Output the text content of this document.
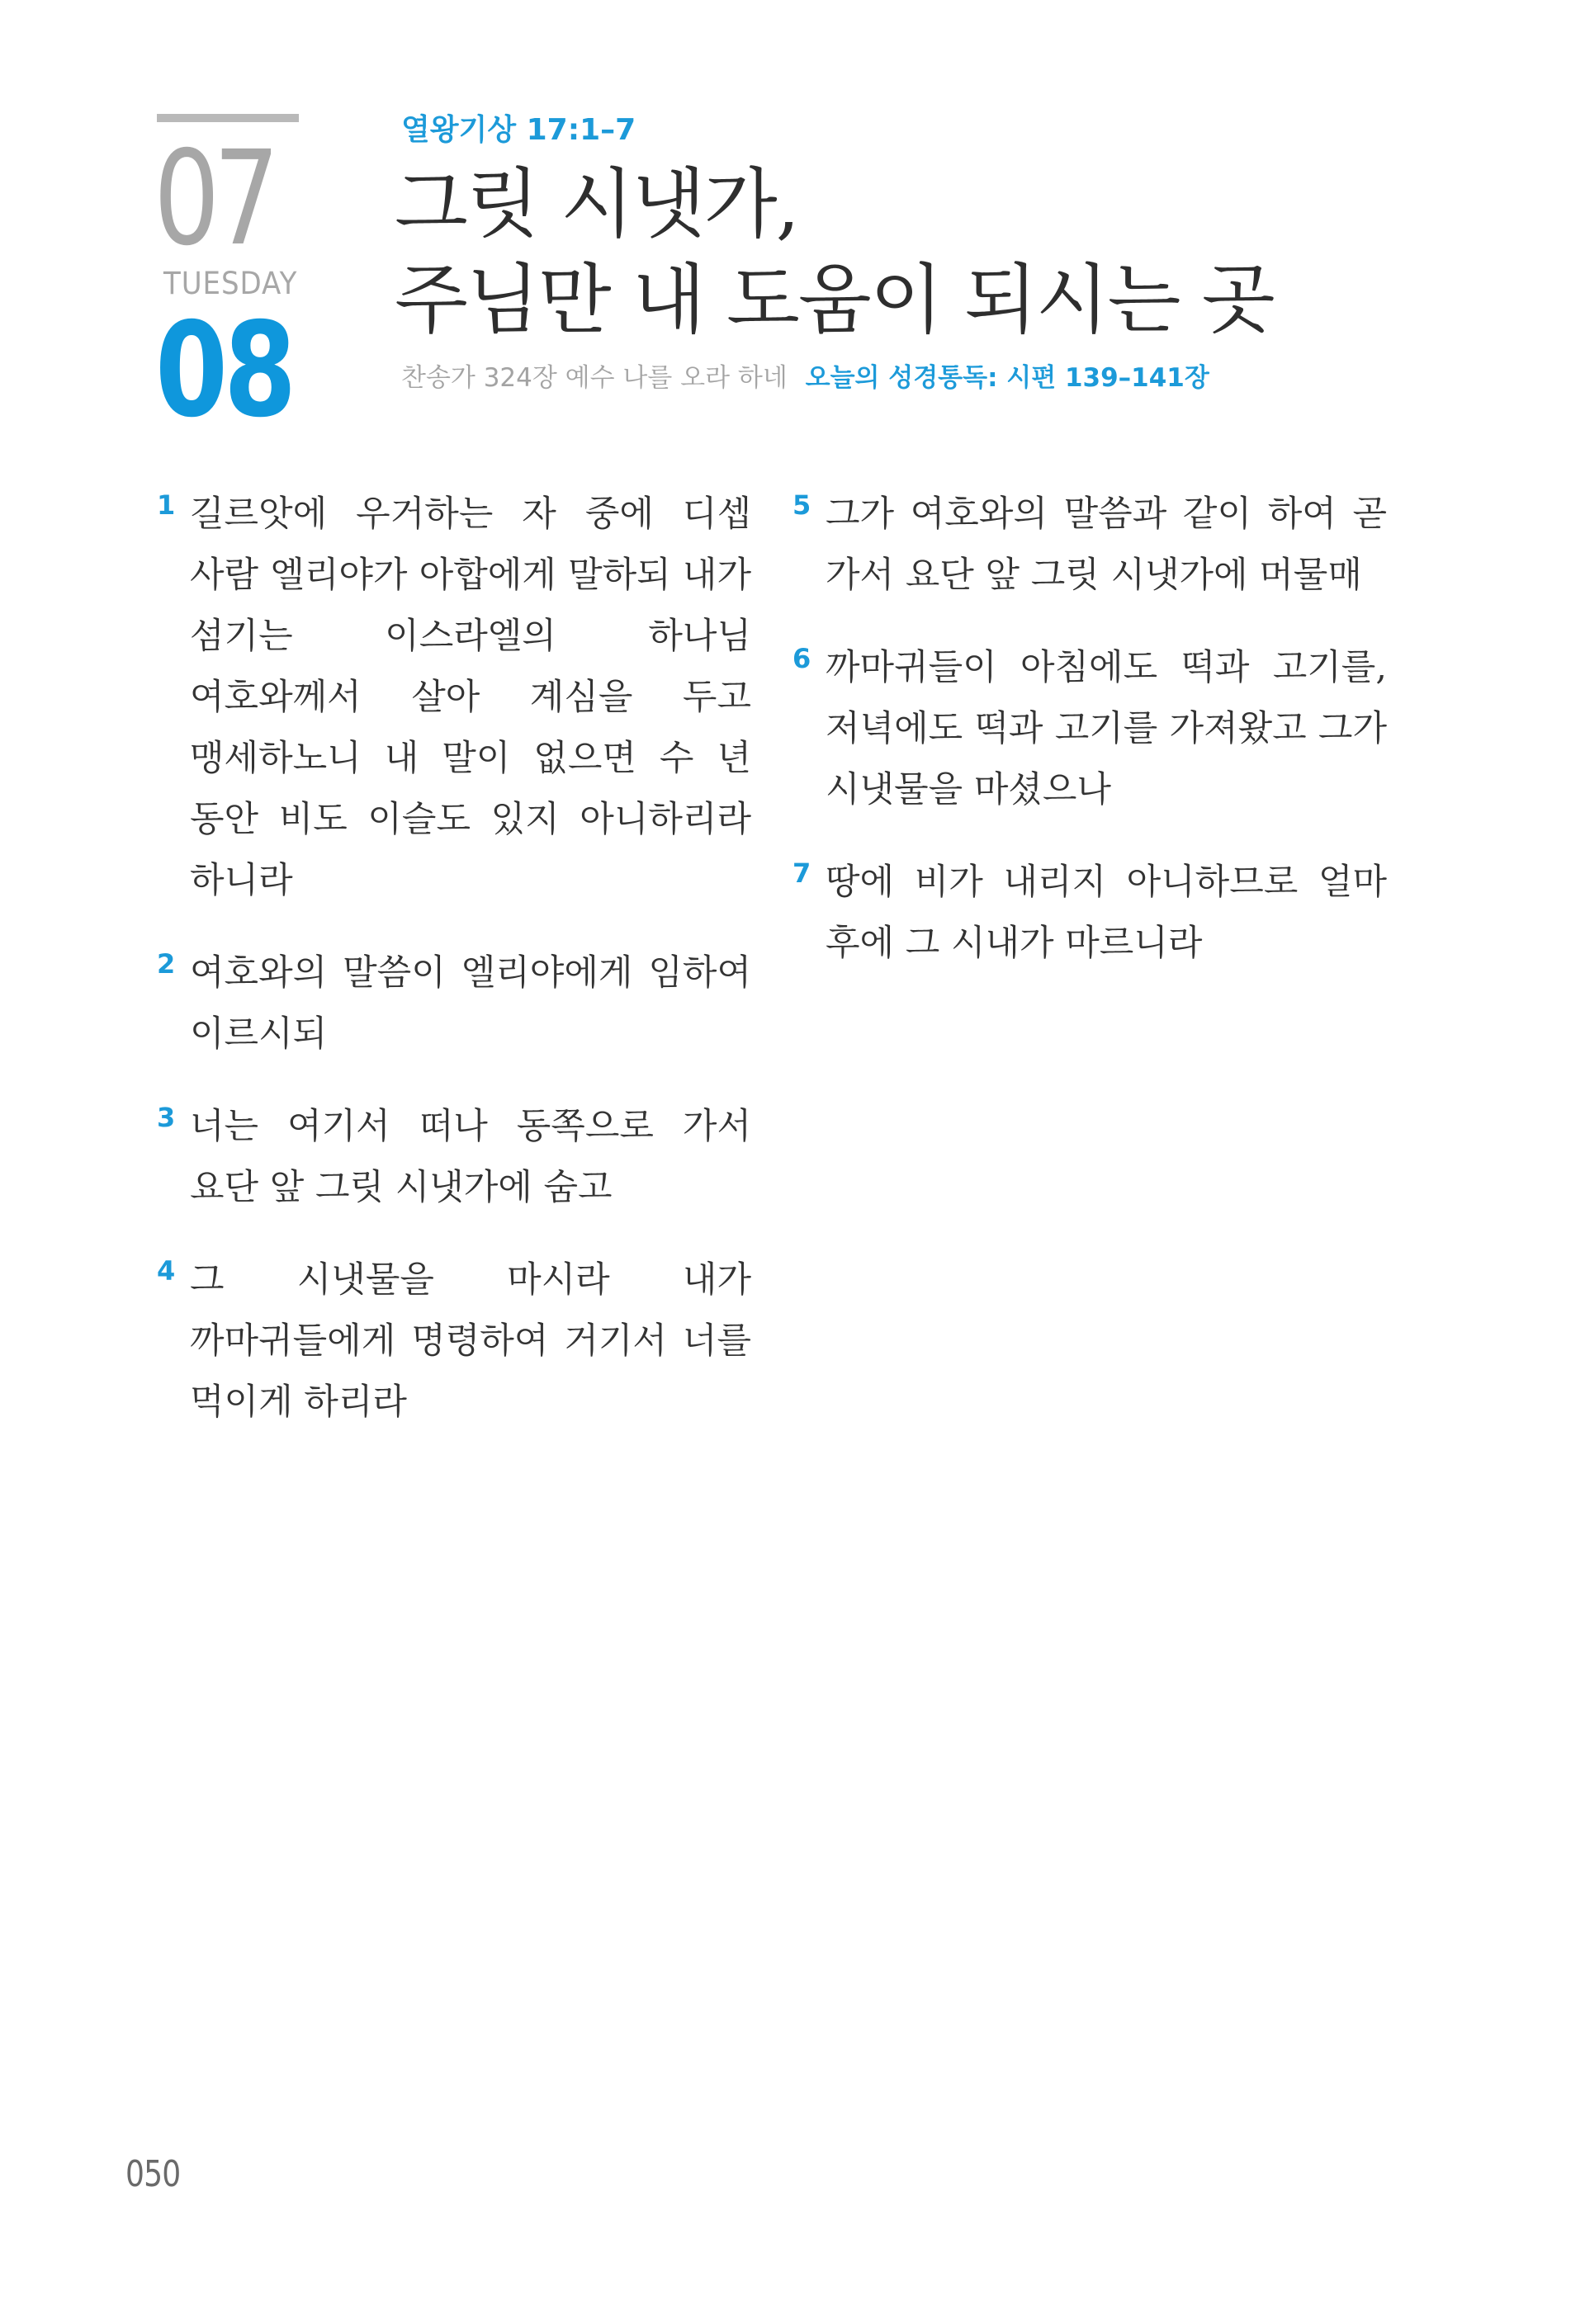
07
TUESDAY
08
열왕기상 17:1–7
그릿 시냇가,
주님만 내 도움이 되시는 곳
찬송가 324장 예수 나를 오라 하네 오늘의 성경통독: 시편 139–141장
1 길르앗에 우거하는 자 중에 디셉 사람 엘리야가 아합에게 말하되 내가 섬기는 이스라엘의 하나님 여호와께서 살아 계심을 두고 맹세하노니 내 말이 없으면 수 년 동안 비도 이슬도 있지 아니하리라 하니라
2 여호와의 말씀이 엘리야에게 임하여 이르시되
3 너는 여기서 떠나 동쪽으로 가서 요단 앞 그릿 시냇가에 숨고
4 그 시냇물을 마시라 내가 까마귀들에게 명령하여 거기서 너를 먹이게 하리라
5 그가 여호와의 말씀과 같이 하여 곧 가서 요단 앞 그릿 시냇가에 머물매
6 까마귀들이 아침에도 떡과 고기를, 저녁에도 떡과 고기를 가져왔고 그가 시냇물을 마셨으나
7 땅에 비가 내리지 아니하므로 얼마 후에 그 시내가 마르니라
050
